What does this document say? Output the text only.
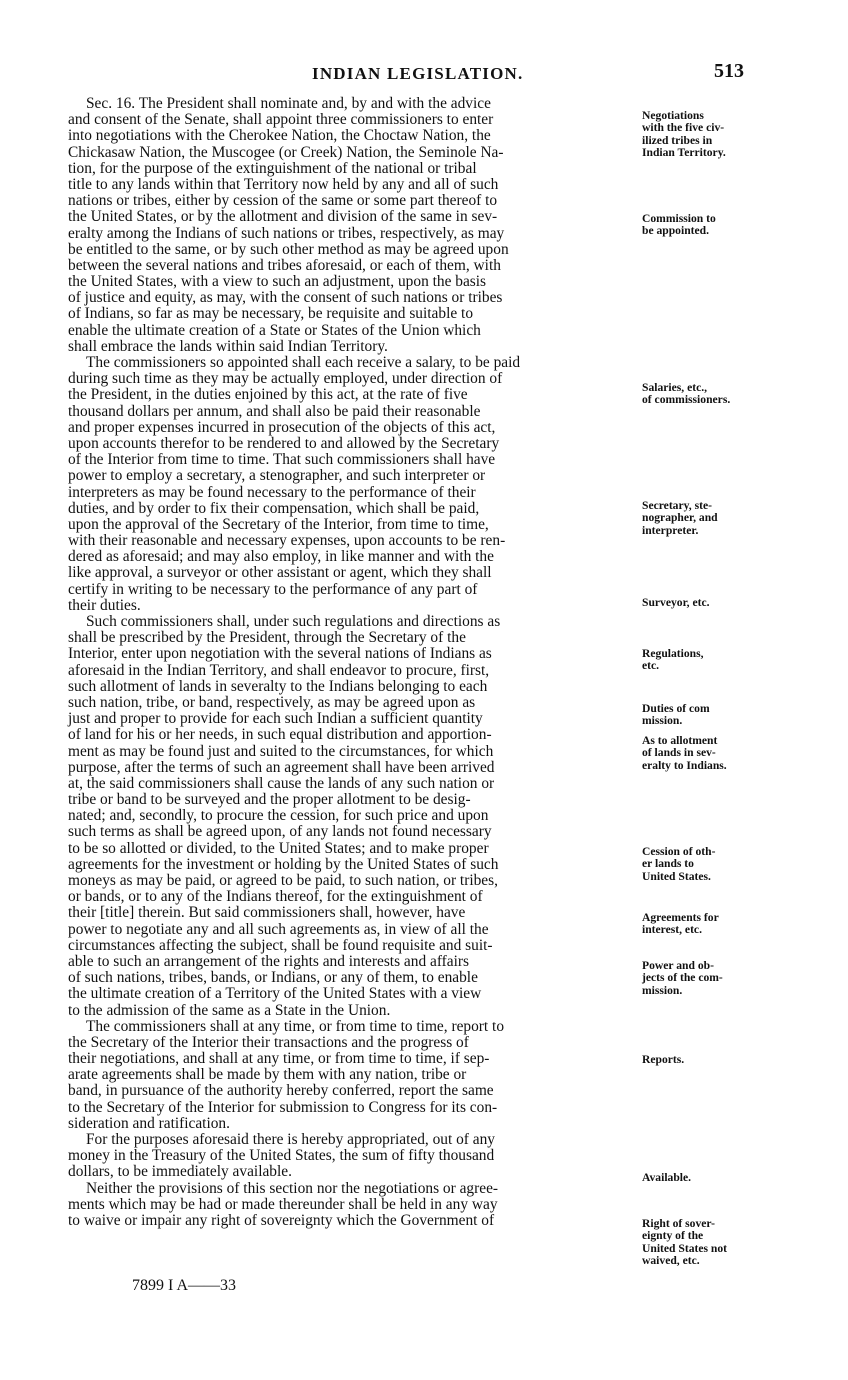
INDIAN LEGISLATION.	513
Sec. 16. The President shall nominate and, by and with the advice
and consent of the Senate, shall appoint three commissioners to enter
into negotiations with the Cherokee Nation, the Choctaw Nation, the
Chickasaw Nation, the Muscogee (or Creek) Nation, the Seminole Na-
tion, for the purpose of the extinguishment of the national or tribal
title to any lands within that Territory now held by any and all of such
nations or tribes, either by cession of the same or some part thereof to
the United States, or by the allotment and division of the same in sev-
eralty among the Indians of such nations or tribes, respectively, as may
be entitled to the same, or by such other method as may be agreed upon
between the several nations and tribes aforesaid, or each of them, with
the United States, with a view to such an adjustment, upon the basis
of justice and equity, as may, with the consent of such nations or tribes
of Indians, so far as may be necessary, be requisite and suitable to
enable the ultimate creation of a State or States of the Union which
shall embrace the lands within said Indian Territory.
The commissioners so appointed shall each receive a salary, to be paid
during such time as they may be actually employed, under direction of
the President, in the duties enjoined by this act, at the rate of five
thousand dollars per annum, and shall also be paid their reasonable
and proper expenses incurred in prosecution of the objects of this act,
upon accounts therefor to be rendered to and allowed by the Secretary
of the Interior from time to time. That such commissioners shall have
power to employ a secretary, a stenographer, and such interpreter or
interpreters as may be found necessary to the performance of their
duties, and by order to fix their compensation, which shall be paid,
upon the approval of the Secretary of the Interior, from time to time,
with their reasonable and necessary expenses, upon accounts to be ren-
dered as aforesaid; and may also employ, in like manner and with the
like approval, a surveyor or other assistant or agent, which they shall
certify in writing to be necessary to the performance of any part of
their duties.
Such commissioners shall, under such regulations and directions as
shall be prescribed by the President, through the Secretary of the
Interior, enter upon negotiation with the several nations of Indians as
aforesaid in the Indian Territory, and shall endeavor to procure, first,
such allotment of lands in severalty to the Indians belonging to each
such nation, tribe, or band, respectively, as may be agreed upon as
just and proper to provide for each such Indian a sufficient quantity
of land for his or her needs, in such equal distribution and apportion-
ment as may be found just and suited to the circumstances, for which
purpose, after the terms of such an agreement shall have been arrived
at, the said commissioners shall cause the lands of any such nation or
tribe or band to be surveyed and the proper allotment to be desig-
nated; and, secondly, to procure the cession, for such price and upon
such terms as shall be agreed upon, of any lands not found necessary
to be so allotted or divided, to the United States; and to make proper
agreements for the investment or holding by the United States of such
moneys as may be paid, or agreed to be paid, to such nation, or tribes,
or bands, or to any of the Indians thereof, for the extinguishment of
their [title] therein. But said commissioners shall, however, have
power to negotiate any and all such agreements as, in view of all the
circumstances affecting the subject, shall be found requisite and suit-
able to such an arrangement of the rights and interests and affairs
of such nations, tribes, bands, or Indians, or any of them, to enable
the ultimate creation of a Territory of the United States with a view
to the admission of the same as a State in the Union.
The commissioners shall at any time, or from time to time, report to
the Secretary of the Interior their transactions and the progress of
their negotiations, and shall at any time, or from time to time, if sep-
arate agreements shall be made by them with any nation, tribe or
band, in pursuance of the authority hereby conferred, report the same
to the Secretary of the Interior for submission to Congress for its con-
sideration and ratification.
For the purposes aforesaid there is hereby appropriated, out of any
money in the Treasury of the United States, the sum of fifty thousand
dollars, to be immediately available.
Neither the provisions of this section nor the negotiations or agree-
ments which may be had or made thereunder shall be held in any way
to waive or impair any right of sovereignty which the Government of
Negotiations
with the five civ-
ilized tribes in
Indian Territory.
Commission to
be appointed.
Salaries, etc.,
of commissioners.
Secretary, ste-
nographer, and
interpreter.
Surveyor, etc.
Regulations,
etc.
Duties of com
mission.
As to allotment
of lands in sev-
eralty to Indians.
Cession of oth-
er lands to
United States.
Agreements for
interest, etc.
Power and ob-
jects of the com-
mission.
Reports.
Available.
Right of sover-
eignty of the
United States not
waived, etc.
7899 I A——33
